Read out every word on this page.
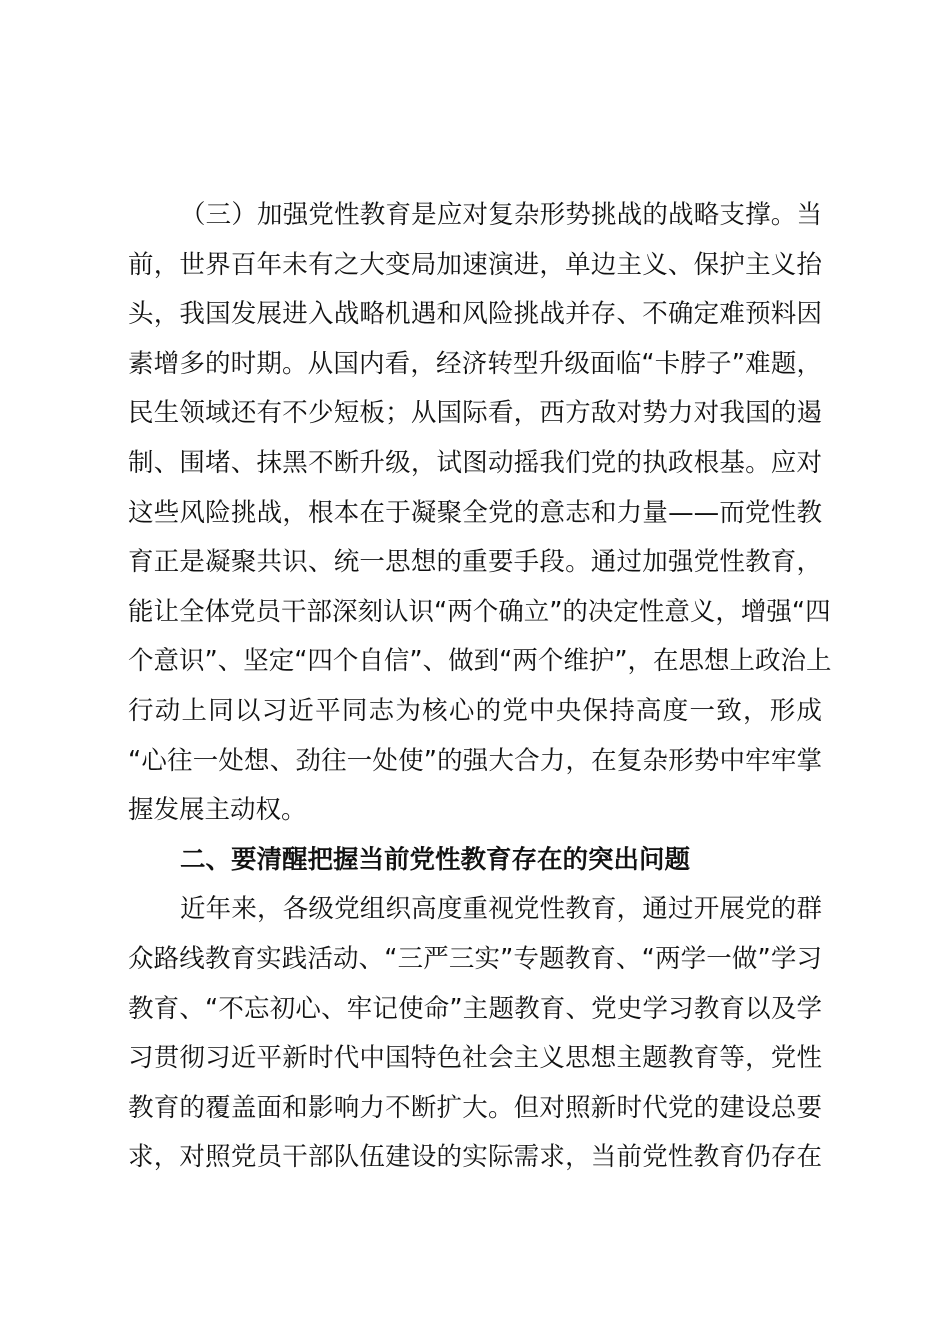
（三）加强党性教育是应对复杂形势挑战的战略支撑。当
前，世界百年未有之大变局加速演进，单边主义、保护主义抬
头，我国发展进入战略机遇和风险挑战并存、不确定难预料因
素增多的时期。从国内看，经济转型升级面临“卡脖子”难题，
民生领域还有不少短板；从国际看，西方敌对势力对我国的遏
制、围堵、抹黑不断升级，试图动摇我们党的执政根基。应对
这些风险挑战，根本在于凝聚全党的意志和力量——而党性教
育正是凝聚共识、统一思想的重要手段。通过加强党性教育，
能让全体党员干部深刻认识“两个确立”的决定性意义，增强“四
个意识”、坚定“四个自信”、做到“两个维护”，在思想上政治上
行动上同以习近平同志为核心的党中央保持高度一致，形成
“心往一处想、劲往一处使”的强大合力，在复杂形势中牢牢掌
握发展主动权。
二、要清醒把握当前党性教育存在的突出问题
近年来，各级党组织高度重视党性教育，通过开展党的群
众路线教育实践活动、“三严三实”专题教育、“两学一做”学习
教育、“不忘初心、牢记使命”主题教育、党史学习教育以及学
习贯彻习近平新时代中国特色社会主义思想主题教育等，党性
教育的覆盖面和影响力不断扩大。但对照新时代党的建设总要
求，对照党员干部队伍建设的实际需求，当前党性教育仍存在
